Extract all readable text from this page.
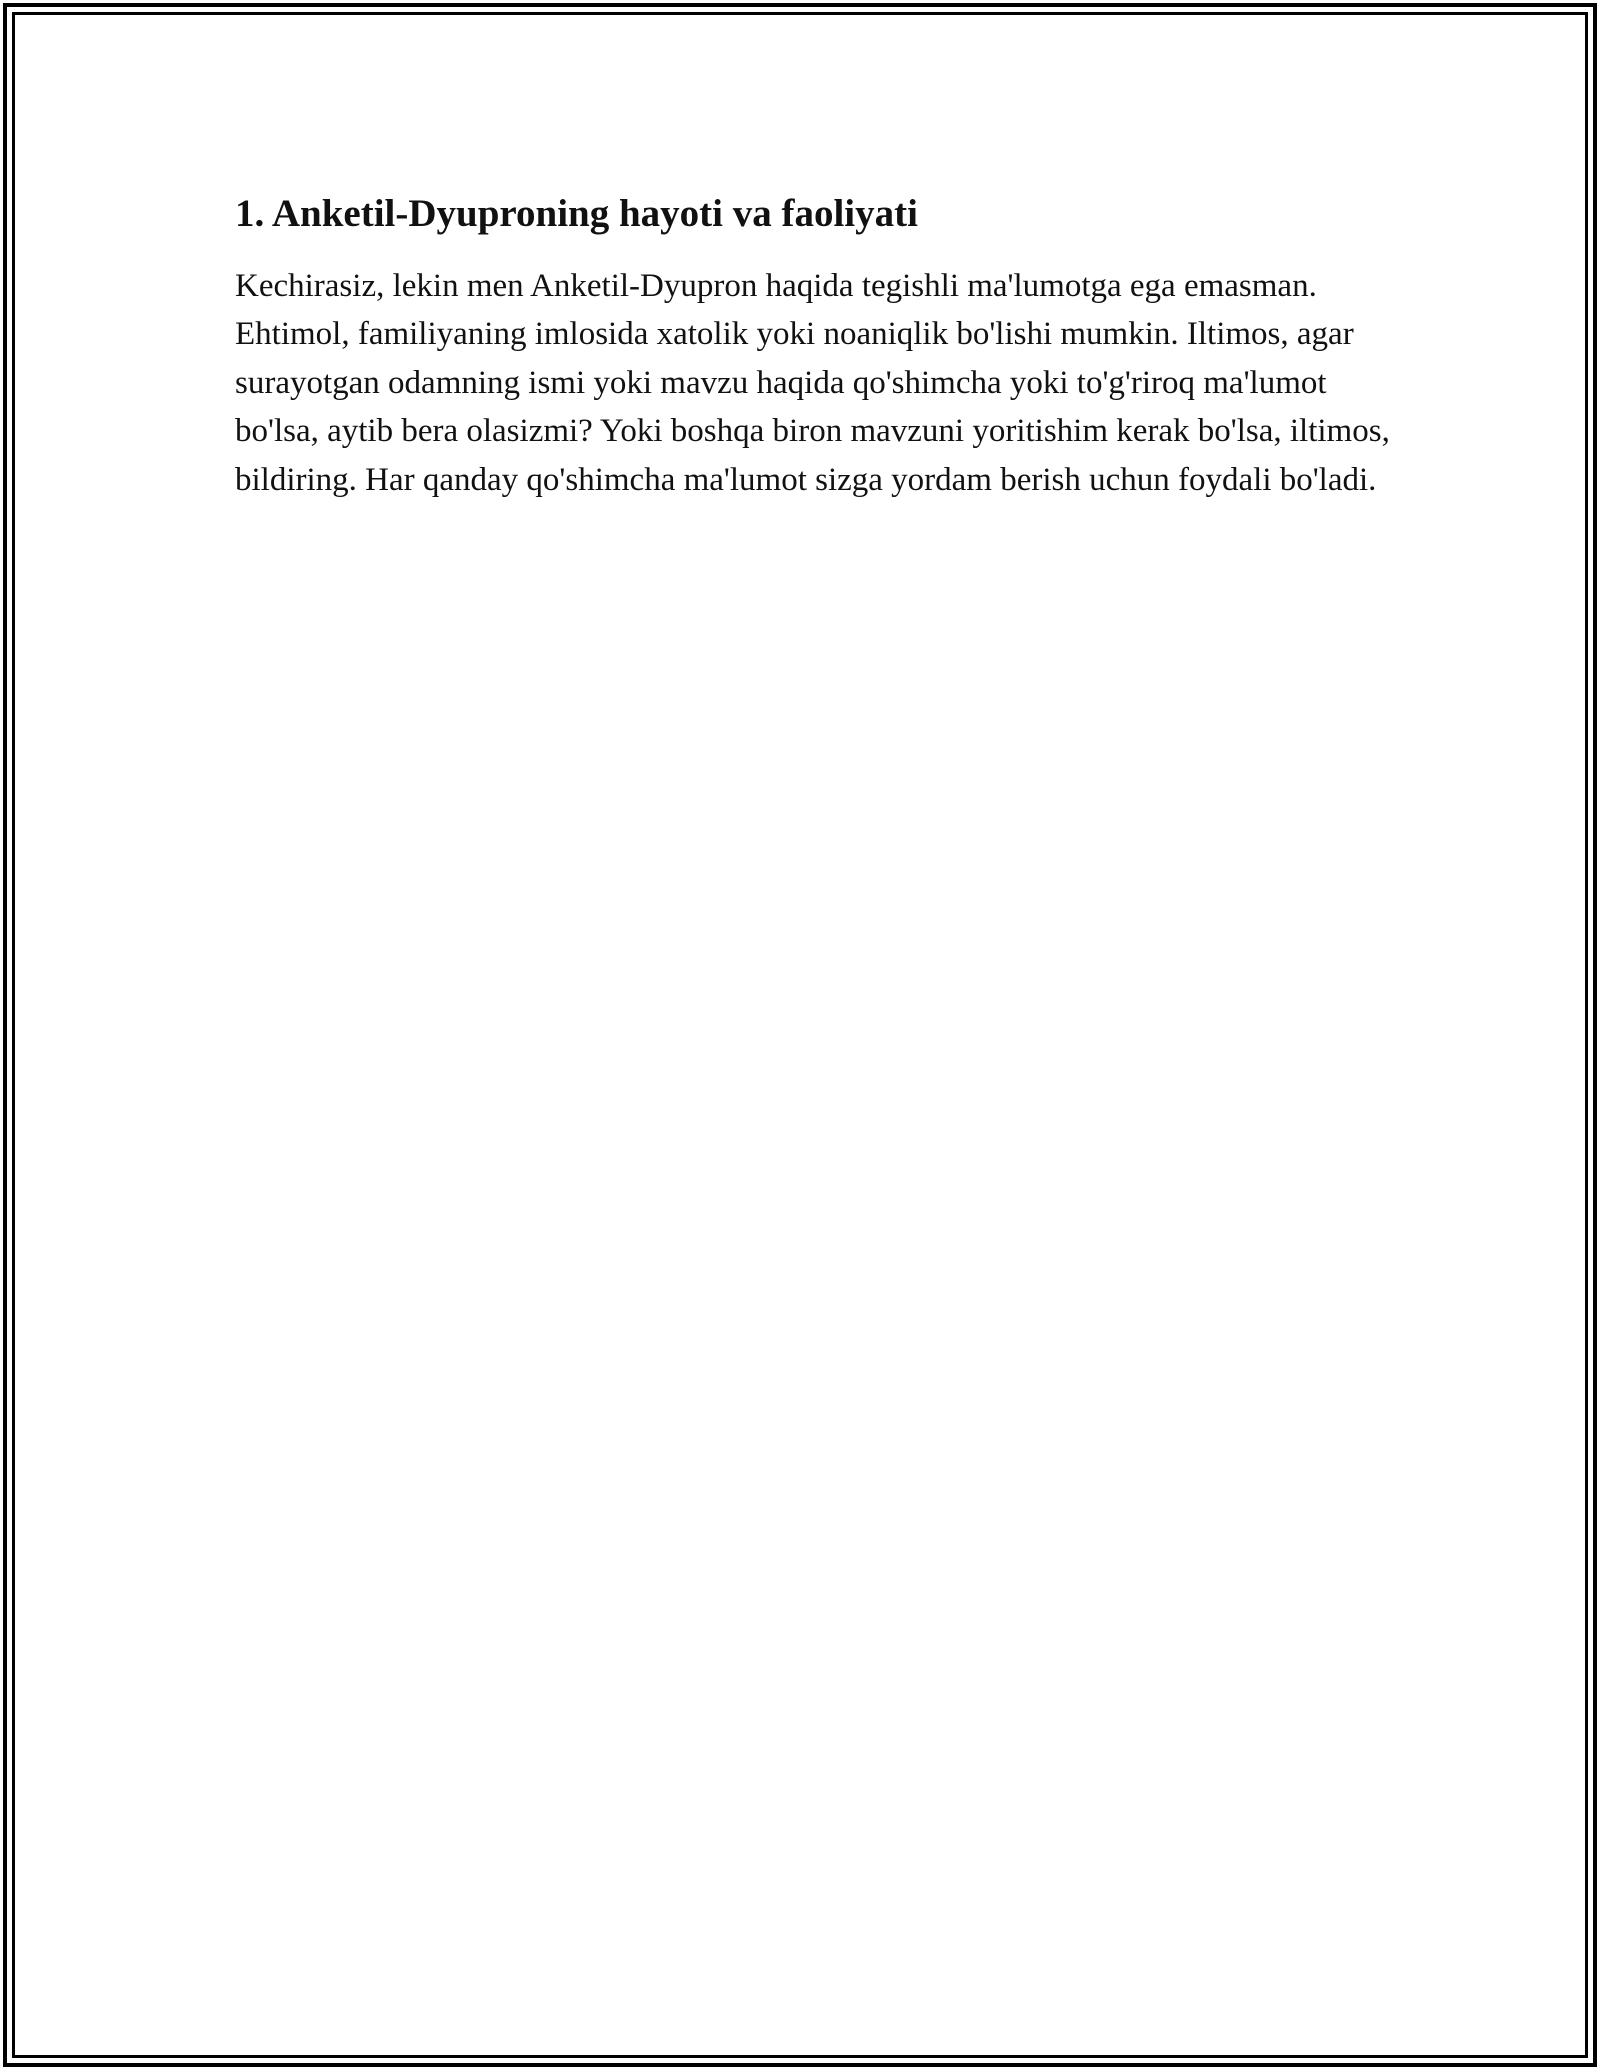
1. Anketil-Dyuproning hayoti va faoliyati

Kechirasiz, lekin men Anketil-Dyupron haqida tegishli ma'lumotga ega emasman. Ehtimol, familiyaning imlosida xatolik yoki noaniqlik bo'lishi mumkin. Iltimos, agar surayotgan odamning ismi yoki mavzu haqida qo'shimcha yoki to'g'riroq ma'lumot bo'lsa, aytib bera olasizmi? Yoki boshqa biron mavzuni yoritishim kerak bo'lsa, iltimos, bildiring. Har qanday qo'shimcha ma'lumot sizga yordam berish uchun foydali bo'ladi.
